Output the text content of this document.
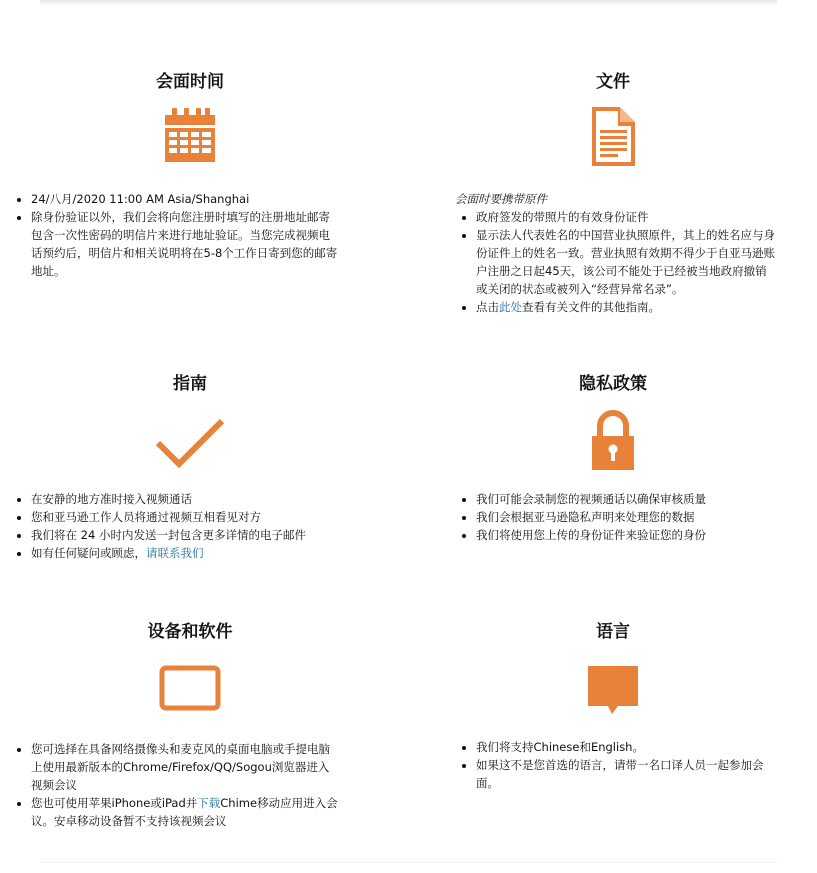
会面时间
• 24/八月/2020 11:00 AM Asia/Shanghai
• 除身份验证以外，我们会将向您注册时填写的注册地址邮寄包含一次性密码的明信片来进行地址验证。当您完成视频电话预约后，明信片和相关说明将在5-8个工作日寄到您的邮寄地址。
文件
会面时要携带原件
• 政府签发的带照片的有效身份证件
• 显示法人代表姓名的中国营业执照原件，其上的姓名应与身份证件上的姓名一致。营业执照有效期不得少于自亚马逊账户注册之日起45天，该公司不能处于已经被当地政府撤销或关闭的状态或被列入“经营异常名录”。
• 点击此处查看有关文件的其他指南。
指南
• 在安静的地方准时接入视频通话
• 您和亚马逊工作人员将通过视频互相看见对方
• 我们将在 24 小时内发送一封包含更多详情的电子邮件
• 如有任何疑问或顾虑，请联系我们
隐私政策
• 我们可能会录制您的视频通话以确保审核质量
• 我们会根据亚马逊隐私声明来处理您的数据
• 我们将使用您上传的身份证件来验证您的身份
设备和软件
• 您可选择在具备网络摄像头和麦克风的桌面电脑或手提电脑上使用最新版本的Chrome/Firefox/QQ/Sogou浏览器进入视频会议
• 您也可使用苹果iPhone或iPad并下载Chime移动应用进入会议。安卓移动设备暂不支持该视频会议
语言
• 我们将支持Chinese和English。
• 如果这不是您首选的语言，请带一名口译人员一起参加会面。
